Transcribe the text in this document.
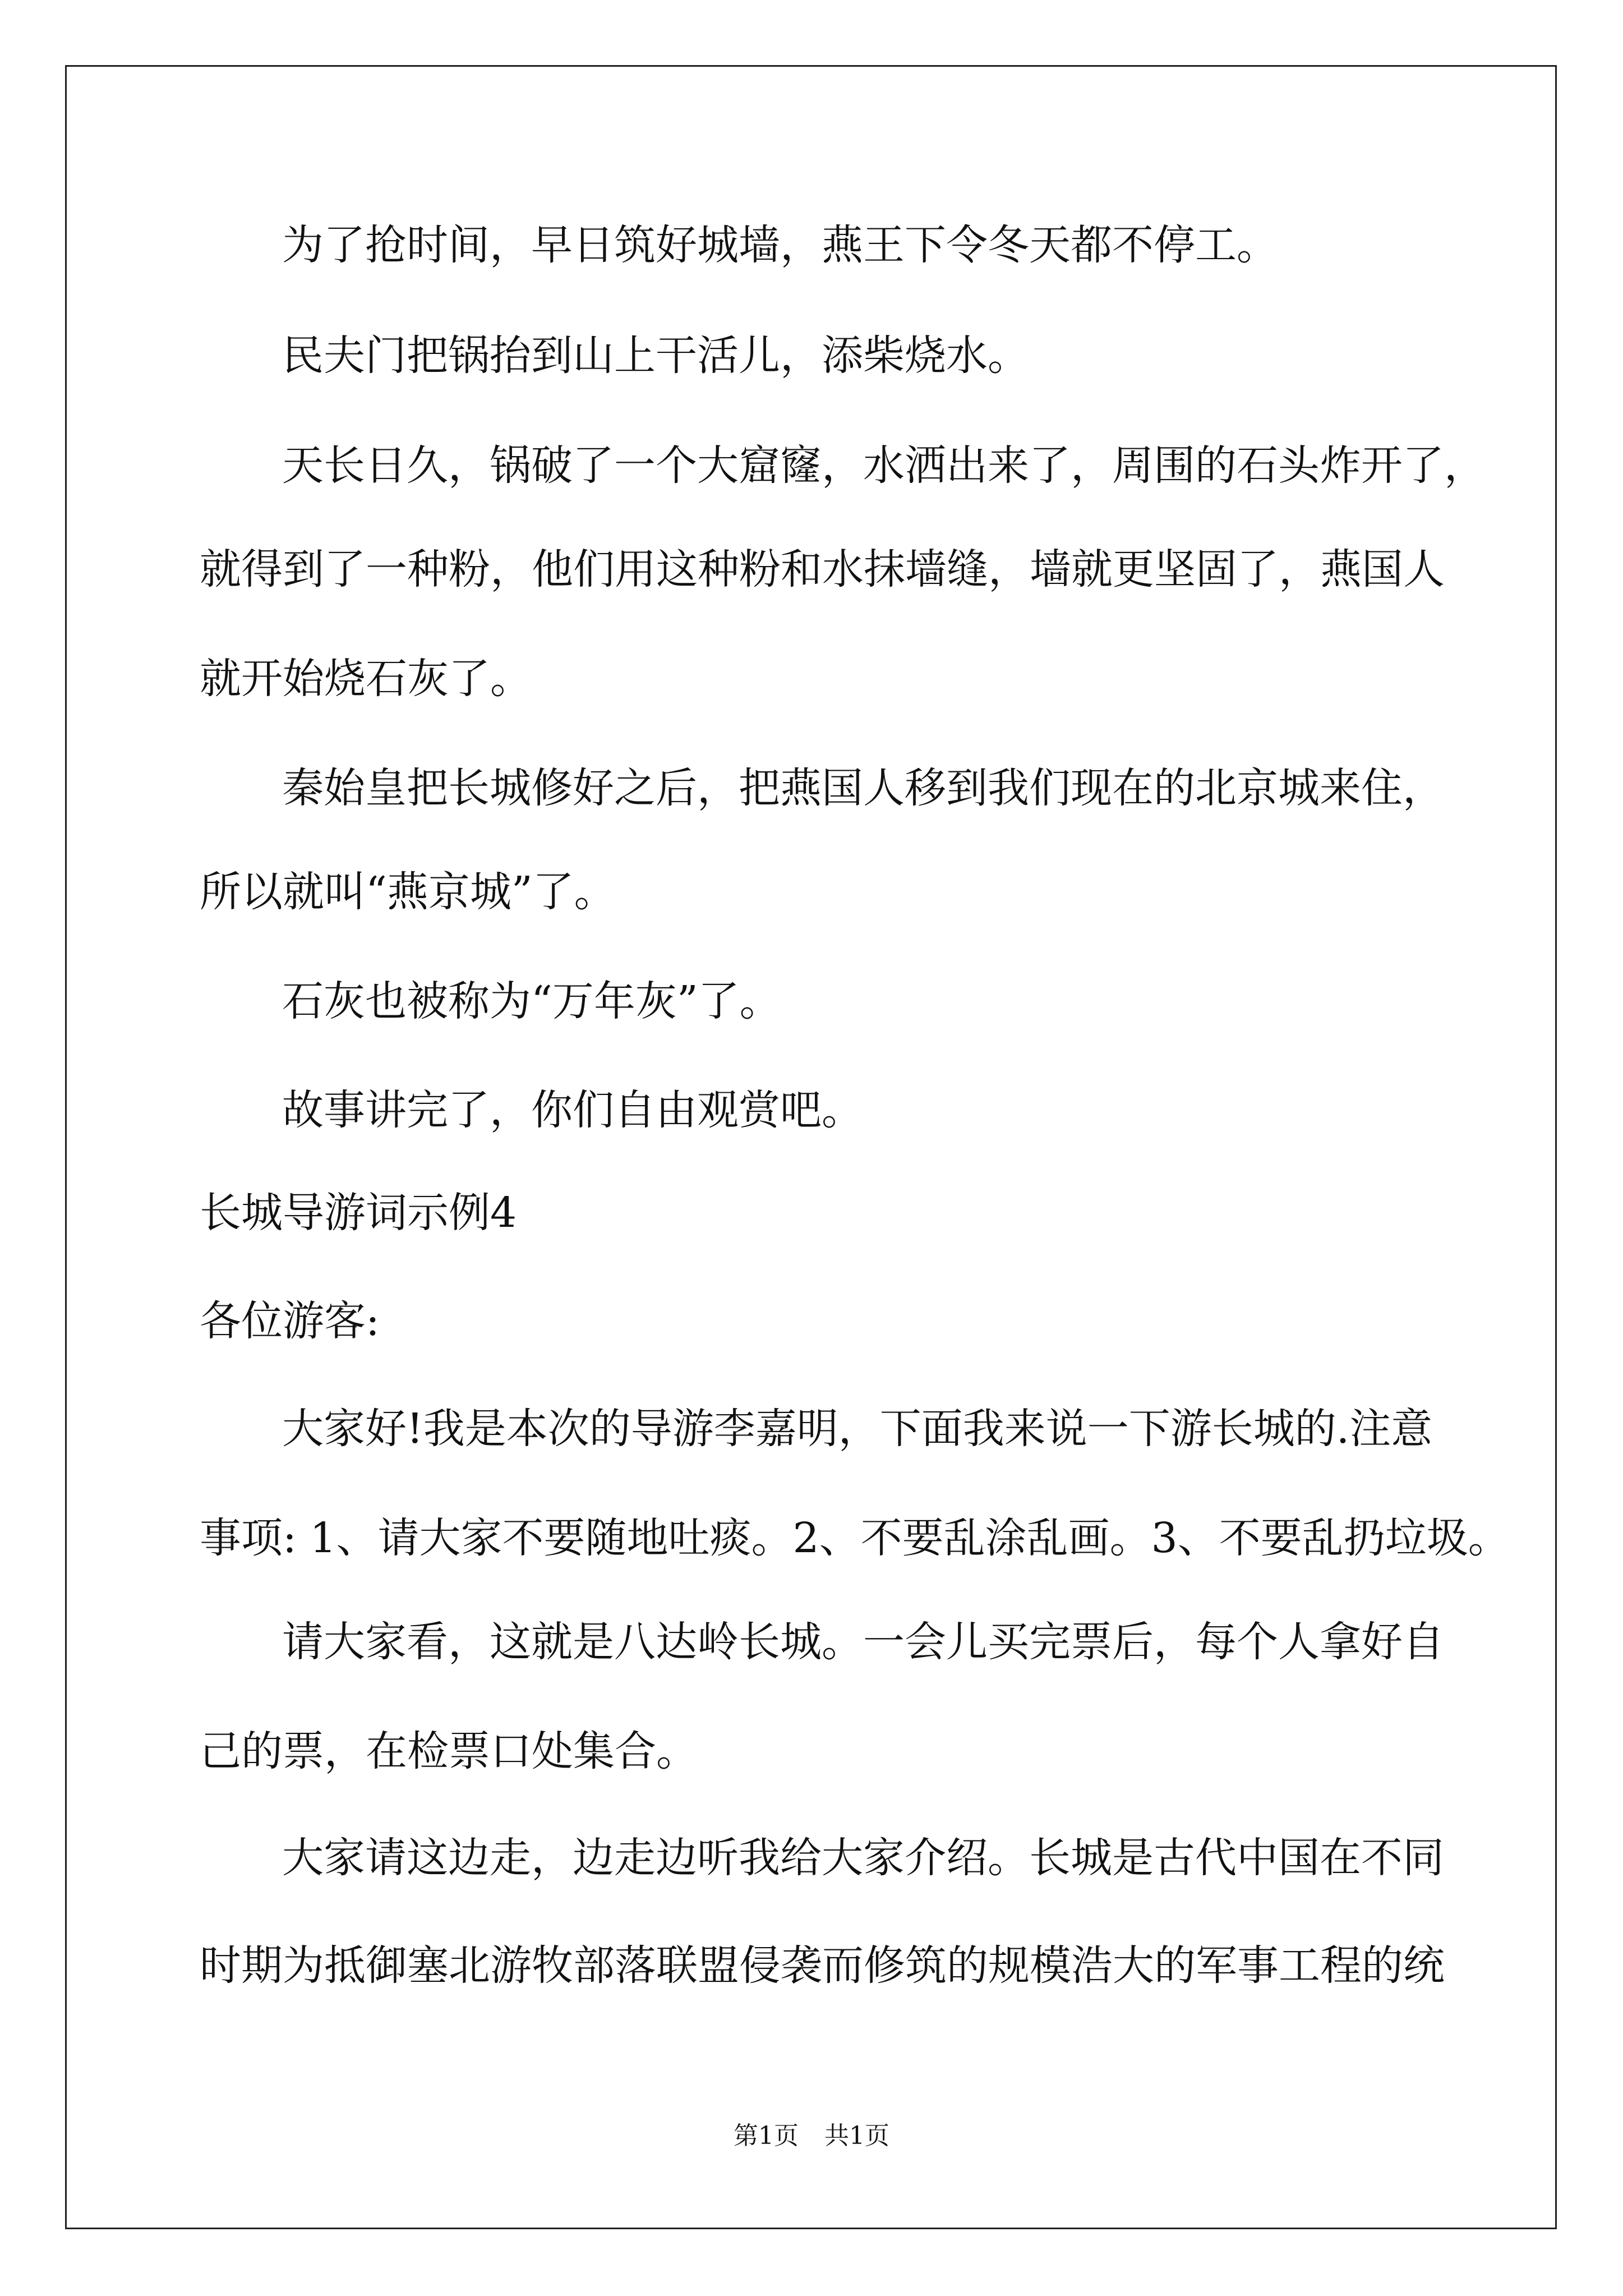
为了抢时间，早日筑好城墙，燕王下令冬天都不停工。
民夫门把锅抬到山上干活儿，添柴烧水。
天长日久，锅破了一个大窟窿，水洒出来了，周围的石头炸开了，
就得到了一种粉，他们用这种粉和水抹墙缝，墙就更坚固了，燕国人
就开始烧石灰了。
秦始皇把长城修好之后，把燕国人移到我们现在的北京城来住，
所以就叫“燕京城”了。
石灰也被称为“万年灰”了。
故事讲完了，你们自由观赏吧。
长城导游词示例4
各位游客:
大家好!我是本次的导游李嘉明，下面我来说一下游长城的.注意
事项: 1、请大家不要随地吐痰。2、不要乱涂乱画。3、不要乱扔垃圾。
请大家看，这就是八达岭长城。一会儿买完票后，每个人拿好自
己的票，在检票口处集合。
大家请这边走，边走边听我给大家介绍。长城是古代中国在不同
时期为抵御塞北游牧部落联盟侵袭而修筑的规模浩大的军事工程的统
第1页 共1页
